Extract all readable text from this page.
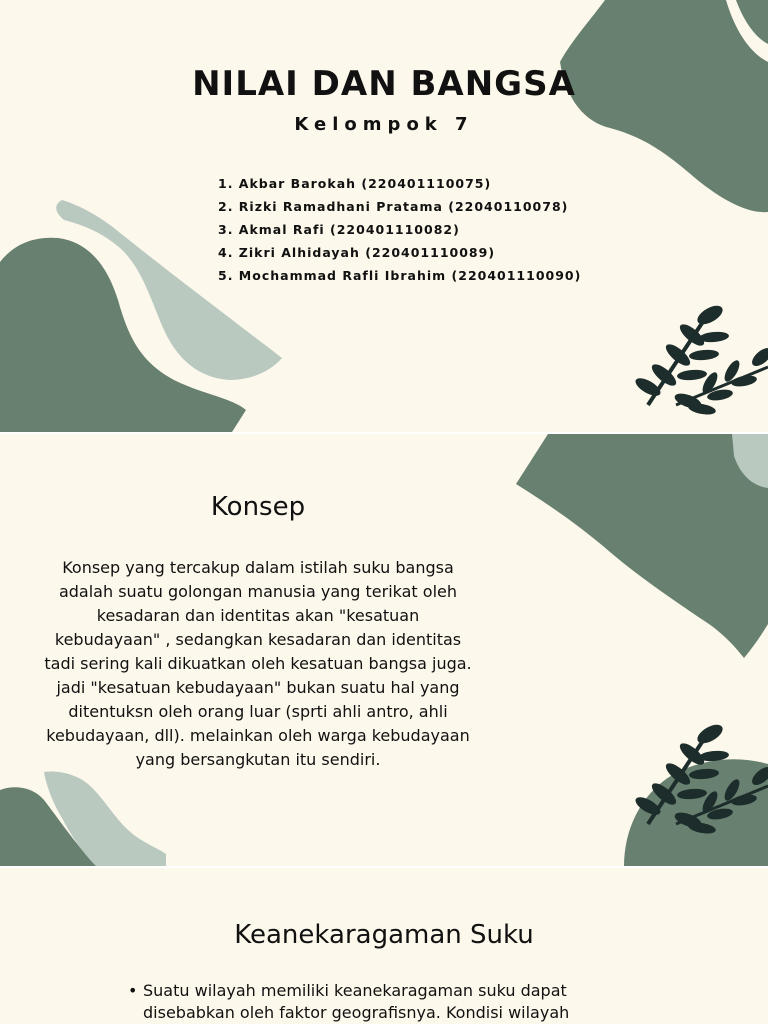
NILAI DAN BANGSA

Kelompok 7

1. Akbar Barokah (220401110075)
2. Rizki Ramadhani Pratama (22040110078)
3. Akmal Rafi (220401110082)
4. Zikri Alhidayah (220401110089)
5. Mochammad Rafli Ibrahim (220401110090)
Konsep

Konsep yang tercakup dalam istilah suku bangsa adalah suatu golongan manusia yang terikat oleh kesadaran dan identitas akan "kesatuan kebudayaan" , sedangkan kesadaran dan identitas tadi sering kali dikuatkan oleh kesatuan bangsa juga. jadi "kesatuan kebudayaan" bukan suatu hal yang ditentuksn oleh orang luar (sprti ahli antro, ahli kebudayaan, dll). melainkan oleh warga kebudayaan yang bersangkutan itu sendiri.

Keanekaragaman Suku
• Suatu wilayah memiliki keanekaragaman suku dapat disebabkan oleh faktor geografisnya. Kondisi wilayah
